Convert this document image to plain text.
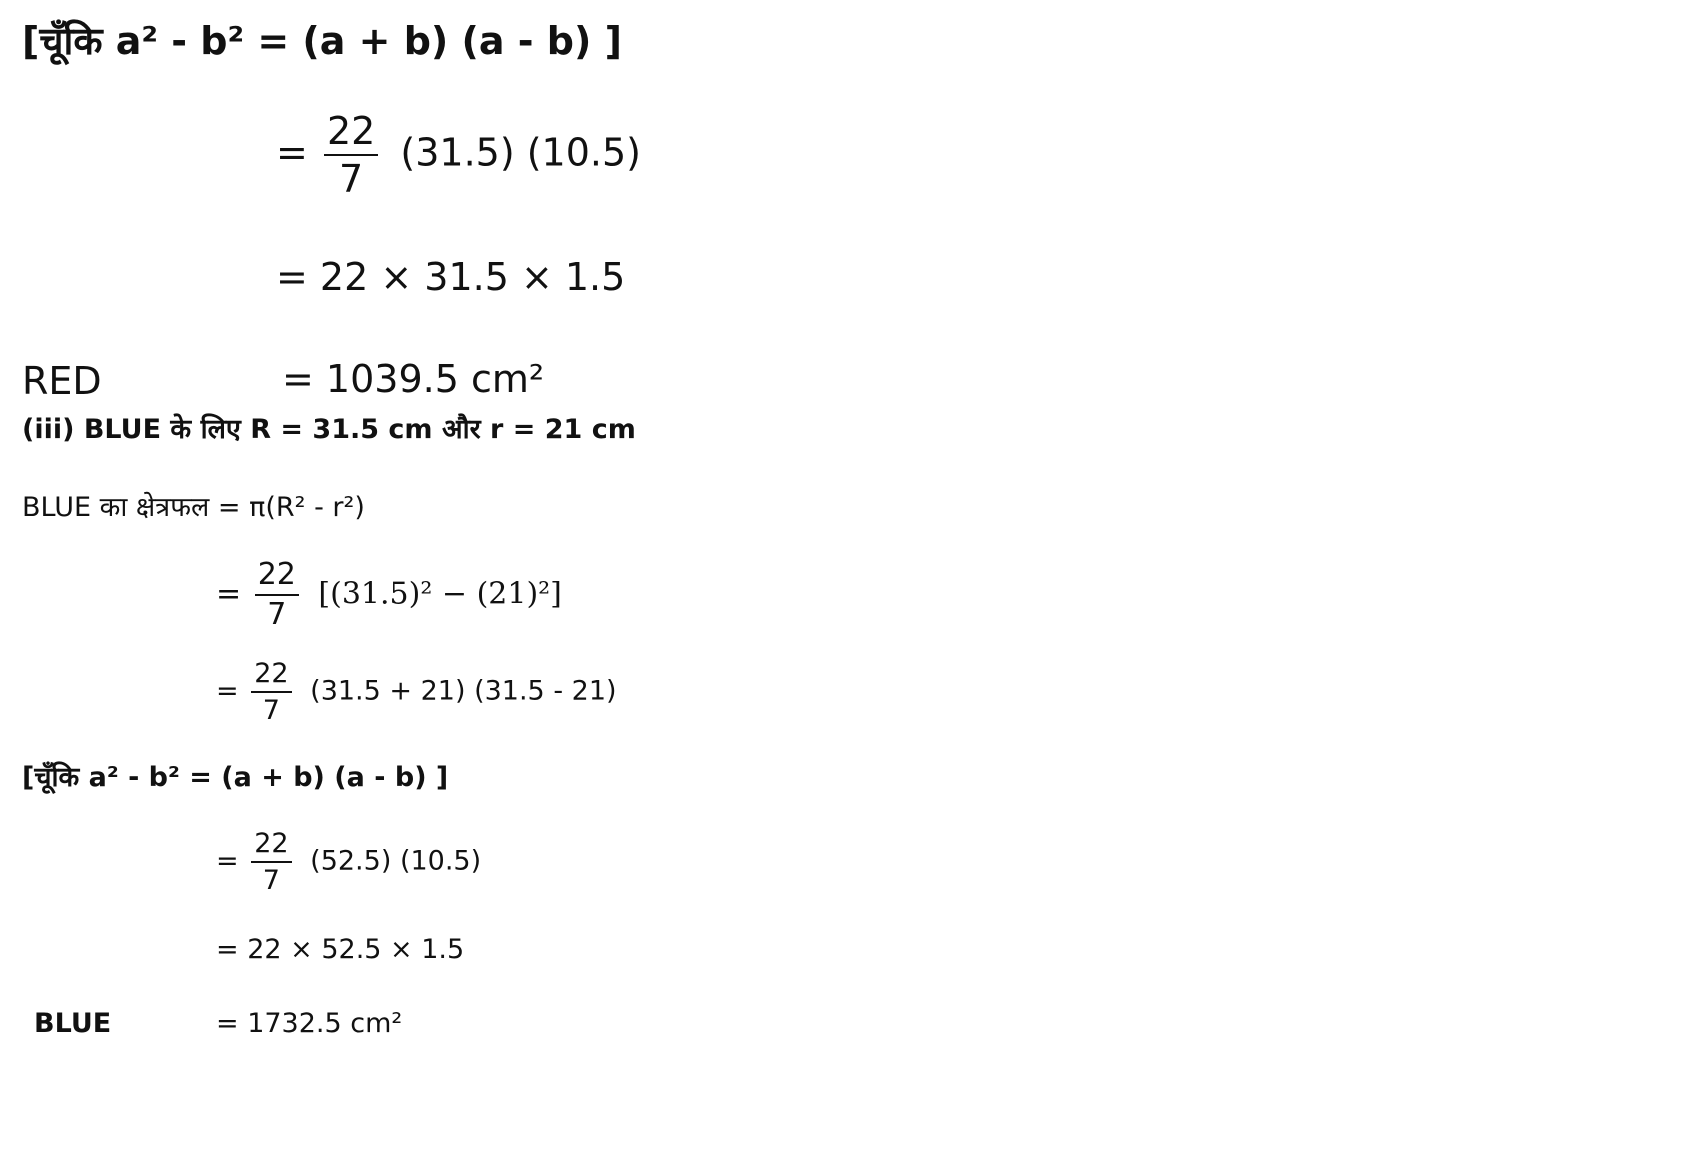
[चूँकि a² - b² = (a + b) (a - b) ]
= $\frac{22}{7} (31.5)$ (10.5)
= 22 × 31.5 × 1.5
RED	= 1039.5 cm²
(iii) BLUE के लिए R = 31.5 cm और r = 21 cm
BLUE का क्षेत्रफल = π(R² - r²)
= $\frac{22}{7} [(31.5)^2 - (21)^2]$
= $\frac{22}{7} (31.5 + 21)$ (31.5 - 21)
[चूँकि a² - b² = (a + b) (a - b) ]
= $\frac{22}{7} (52.5)$ (10.5)
= 22 × 52.5 × 1.5
BLUE	= 1732.5 cm²
